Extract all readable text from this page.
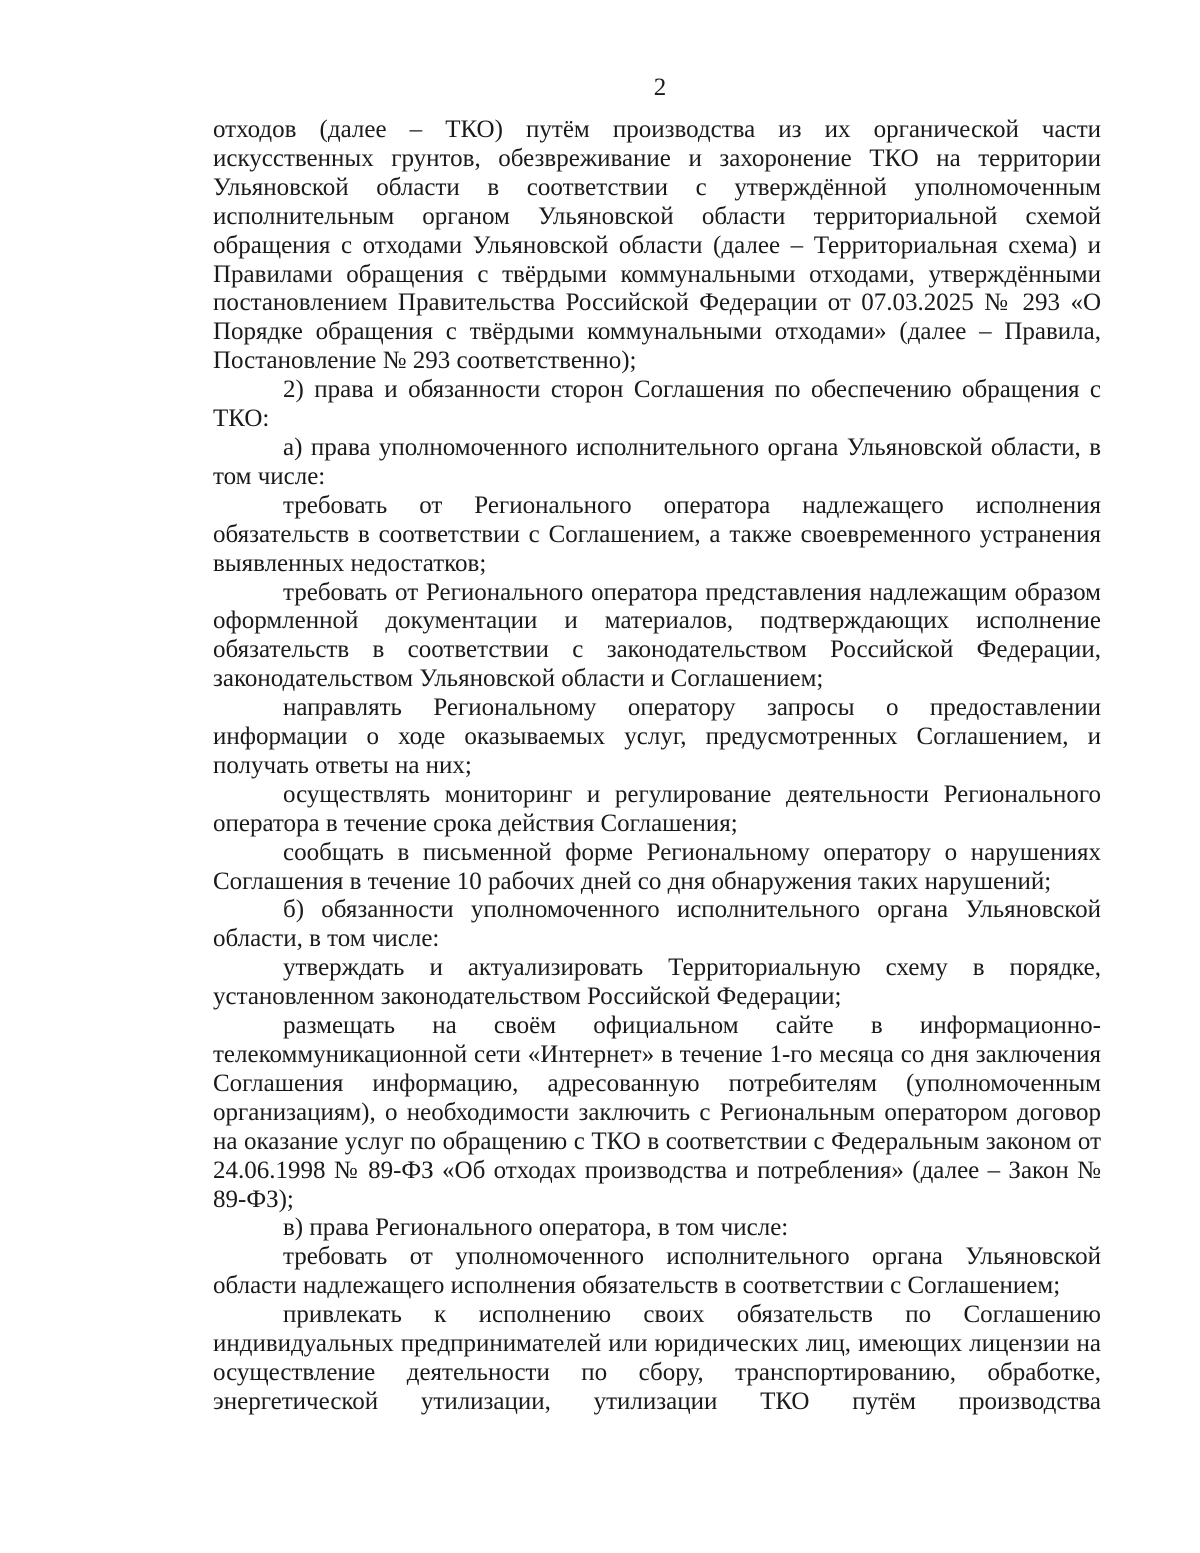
2

отходов (далее – ТКО) путём производства из их органической части искусственных грунтов, обезвреживание и захоронение ТКО на территории Ульяновской области в соответствии с утверждённой уполномоченным исполнительным органом Ульяновской области территориальной схемой обращения с отходами Ульяновской области (далее – Территориальная схема) и Правилами обращения с твёрдыми коммунальными отходами, утверждёнными постановлением Правительства Российской Федерации от 07.03.2025 № 293 «О Порядке обращения с твёрдыми коммунальными отходами» (далее – Правила, Постановление № 293 соответственно);

2) права и обязанности сторон Соглашения по обеспечению обращения с ТКО:

а) права уполномоченного исполнительного органа Ульяновской области, в том числе:

требовать от Регионального оператора надлежащего исполнения обязательств в соответствии с Соглашением, а также своевременного устранения выявленных недостатков;

требовать от Регионального оператора представления надлежащим образом оформленной документации и материалов, подтверждающих исполнение обязательств в соответствии с законодательством Российской Федерации, законодательством Ульяновской области и Соглашением;

направлять Региональному оператору запросы о предоставлении информации о ходе оказываемых услуг, предусмотренных Соглашением, и получать ответы на них;

осуществлять мониторинг и регулирование деятельности Регионального оператора в течение срока действия Соглашения;

сообщать в письменной форме Региональному оператору о нарушениях Соглашения в течение 10 рабочих дней со дня обнаружения таких нарушений;

б) обязанности уполномоченного исполнительного органа Ульяновской области, в том числе:

утверждать и актуализировать Территориальную схему в порядке, установленном законодательством Российской Федерации;

размещать на своём официальном сайте в информационно-телекоммуникационной сети «Интернет» в течение 1-го месяца со дня заключения Соглашения информацию, адресованную потребителям (уполномоченным организациям), о необходимости заключить с Региональным оператором договор на оказание услуг по обращению с ТКО в соответствии с Федеральным законом от 24.06.1998 № 89-ФЗ «Об отходах производства и потребления» (далее – Закон № 89-ФЗ);

в) права Регионального оператора, в том числе:

требовать от уполномоченного исполнительного органа Ульяновской области надлежащего исполнения обязательств в соответствии с Соглашением;

привлекать к исполнению своих обязательств по Соглашению индивидуальных предпринимателей или юридических лиц, имеющих лицензии на осуществление деятельности по сбору, транспортированию, обработке, энергетической утилизации, утилизации ТКО путём производства
